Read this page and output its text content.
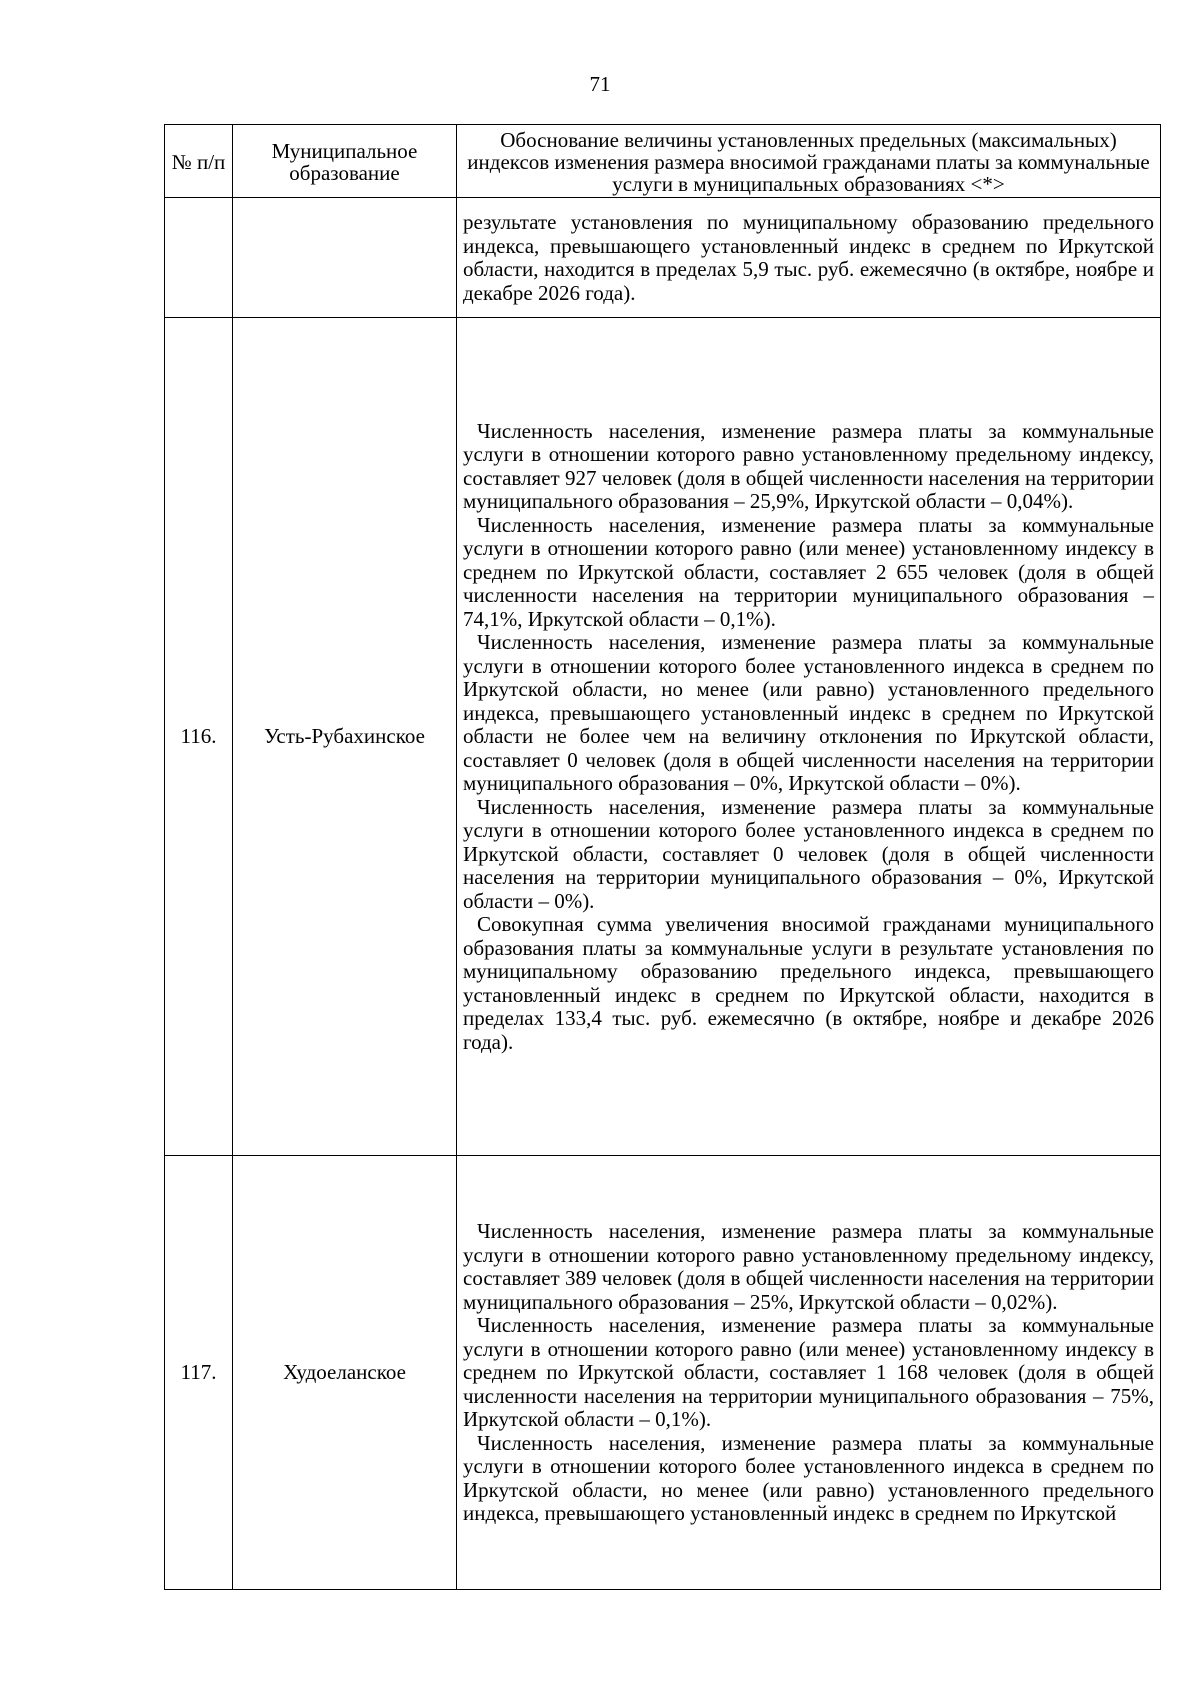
71
№ п/п	Муниципальное образование	Обоснование величины установленных предельных (максимальных) индексов изменения размера вносимой гражданами платы за коммунальные услуги в муниципальных образованиях <*>

		результате установления по муниципальному образованию предельного индекса, превышающего установленный индекс в среднем по Иркутской области, находится в пределах 5,9 тыс. руб. ежемесячно (в октябре, ноябре и декабре 2026 года).

116.	Усть-Рубахинское	Численность населения, изменение размера платы за коммунальные услуги в отношении которого равно установленному предельному индексу, составляет 927 человек (доля в общей численности населения на территории муниципального образования – 25,9%, Иркутской области – 0,04%).

Численность населения, изменение размера платы за коммунальные услуги в отношении которого равно (или менее) установленному индексу в среднем по Иркутской области, составляет 2 655 человек (доля в общей численности населения на территории муниципального образования – 74,1%, Иркутской области – 0,1%).

Численность населения, изменение размера платы за коммунальные услуги в отношении которого более установленного индекса в среднем по Иркутской области, но менее (или равно) установленного предельного индекса, превышающего установленный индекс в среднем по Иркутской области не более чем на величину отклонения по Иркутской области, составляет 0 человек (доля в общей численности населения на территории муниципального образования – 0%, Иркутской области – 0%).

Численность населения, изменение размера платы за коммунальные услуги в отношении которого более установленного индекса в среднем по Иркутской области, составляет 0 человек (доля в общей численности населения на территории муниципального образования – 0%, Иркутской области – 0%).

Совокупная сумма увеличения вносимой гражданами муниципального образования платы за коммунальные услуги в результате установления по муниципальному образованию предельного индекса, превышающего установленный индекс в среднем по Иркутской области, находится в пределах 133,4 тыс. руб. ежемесячно (в октябре, ноябре и декабре 2026 года).

117.	Худоеланское	Численность населения, изменение размера платы за коммунальные услуги в отношении которого равно установленному предельному индексу, составляет 389 человек (доля в общей численности населения на территории муниципального образования – 25%, Иркутской области – 0,02%).

Численность населения, изменение размера платы за коммунальные услуги в отношении которого равно (или менее) установленному индексу в среднем по Иркутской области, составляет 1 168 человек (доля в общей численности населения на территории муниципального образования – 75%, Иркутской области – 0,1%).

Численность населения, изменение размера платы за коммунальные услуги в отношении которого более установленного индекса в среднем по Иркутской области, но менее (или равно) установленного предельного индекса, превышающего установленный индекс в среднем по Иркутской
